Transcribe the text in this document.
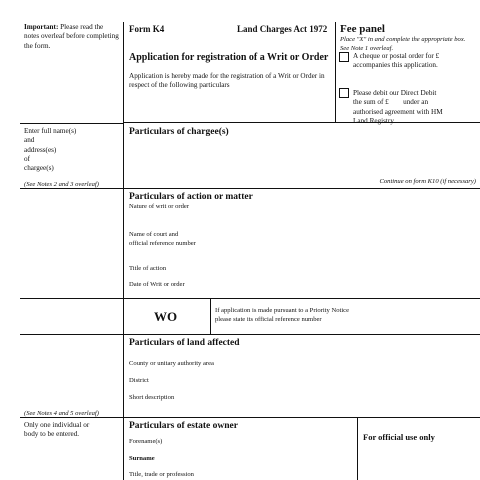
Important: Please read the notes overleaf before completing the form.
Form K4	Land Charges Act 1972
Application for registration of a Writ or Order
Application is hereby made for the registration of a Writ or Order in respect of the following particulars
Fee panel
Place "X" in and complete the appropriate box. See Note 1 overleaf.
A cheque or postal order for £ accompanies this application.
Please debit our Direct Debit
the sum of £        under an
authorised agreement with HM
Land Registry.
Enter full name(s)
and
address(es)
of
chargee(s)
(See Notes 2 and 3 overleaf)
Particulars of chargee(s)
Continue on form K10 (if necessary)
Particulars of action or matter
Nature of writ or order
Name of court and official reference number
Title of action
Date of Writ or order
WO	If application is made pursuant to a Priority Notice please state its official reference number
Particulars of land affected
County or unitary authority area
District
Short description
(See Notes 4 and 5 overleaf)
Only one individual or body to be entered.
Particulars of estate owner
Forename(s)
Surname
Title, trade or profession
For official use only
